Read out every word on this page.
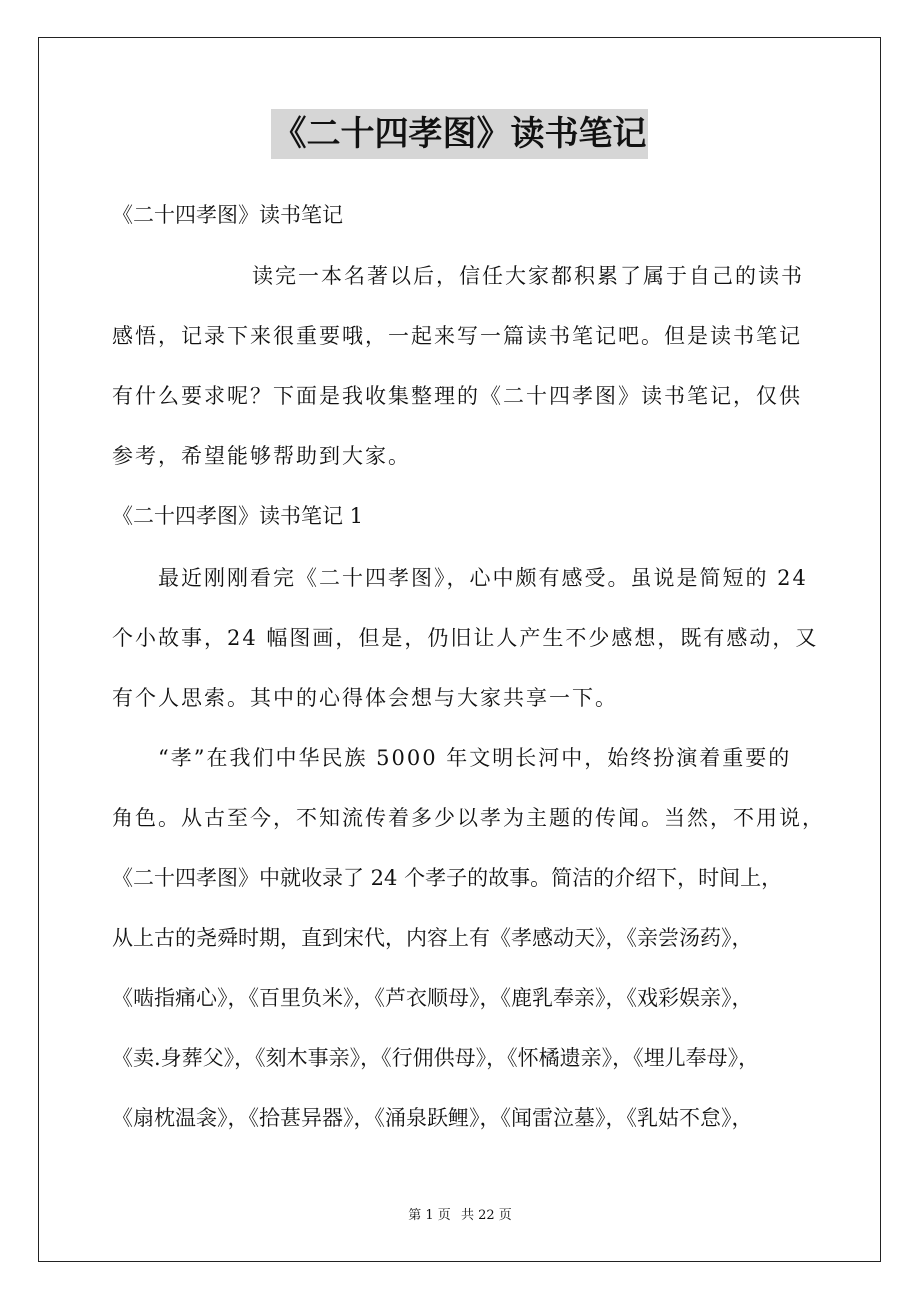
《二十四孝图》读书笔记
《二十四孝图》读书笔记
读完一本名著以后，信任大家都积累了属于自己的读书
感悟，记录下来很重要哦，一起来写一篇读书笔记吧。但是读书笔记
有什么要求呢？下面是我收集整理的《二十四孝图》读书笔记，仅供
参考，希望能够帮助到大家。
《二十四孝图》读书笔记 1
最近刚刚看完《二十四孝图》，心中颇有感受。虽说是简短的 24
个小故事，24 幅图画，但是，仍旧让人产生不少感想，既有感动，又
有个人思索。其中的心得体会想与大家共享一下。
“孝”在我们中华民族 5000 年文明长河中，始终扮演着重要的
角色。从古至今，不知流传着多少以孝为主题的传闻。当然，不用说，
《二十四孝图》中就收录了 24 个孝子的故事。简洁的介绍下，时间上，
从上古的尧舜时期，直到宋代，内容上有《孝感动天》，《亲尝汤药》，
《啮指痛心》，《百里负米》，《芦衣顺母》，《鹿乳奉亲》，《戏彩娱亲》，
《卖.身葬父》，《刻木事亲》，《行佣供母》，《怀橘遗亲》，《埋儿奉母》，
《扇枕温衾》，《拾葚异器》，《涌泉跃鲤》，《闻雷泣墓》，《乳姑不怠》，
第 1 页 共 22 页
